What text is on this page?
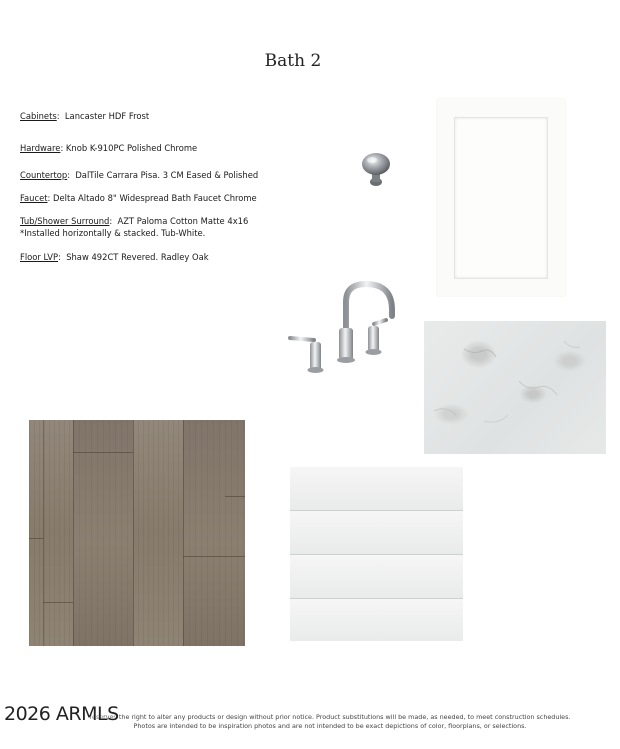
Bath 2
Cabinets:  Lancaster HDF Frost
Hardware: Knob K-910PC Polished Chrome
Countertop:  DalTile Carrara Pisa. 3 CM Eased & Polished
Faucet: Delta Altado 8" Widespread Bath Faucet Chrome
Tub/Shower Surround:  AZT Paloma Cotton Matte 4x16
*Installed horizontally & stacked. Tub-White.
Floor LVP:  Shaw 492CT Revered. Radley Oak
reserves the right to alter any products or design without prior notice. Product substitutions will be made, as needed, to meet construction schedules.
Photos are intended to be inspiration photos and are not intended to be exact depictions of color, floorplans, or selections.
2026 ARMLS
